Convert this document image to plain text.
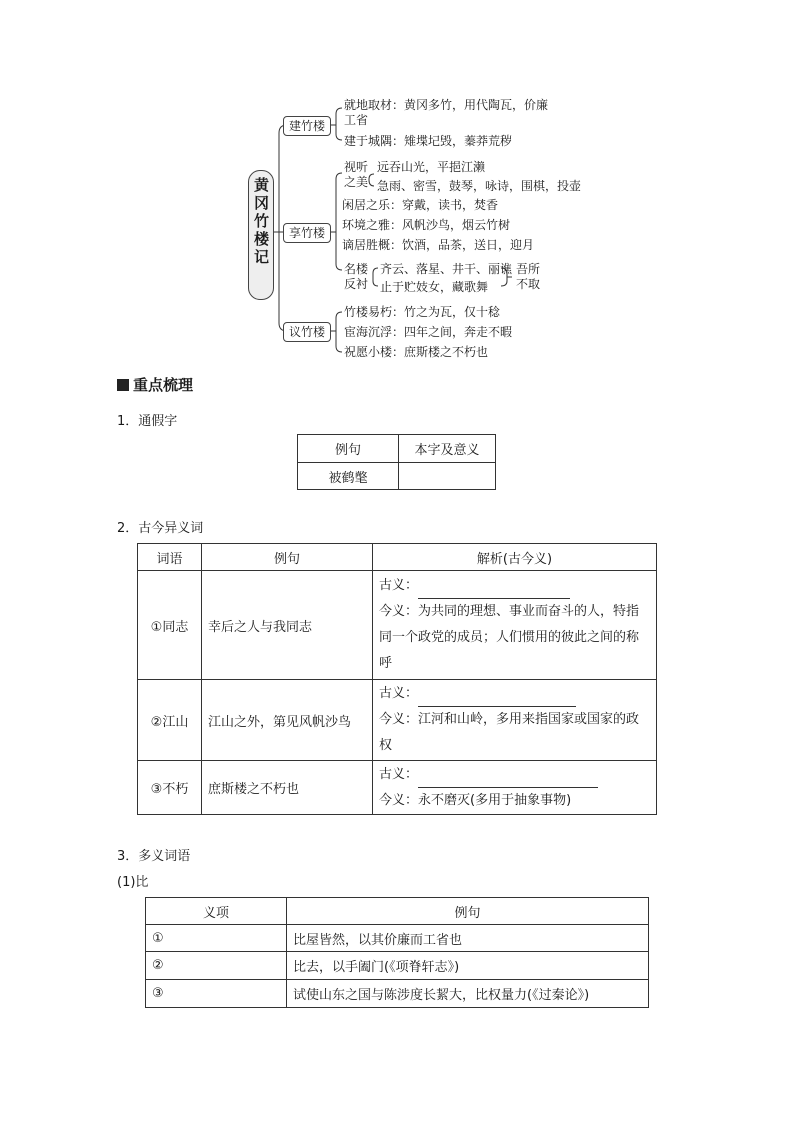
黄冈竹楼记
建竹楼
就地取材：黄冈多竹，用代陶瓦，价廉工省
建于城隅：雉堞圮毁，蓁莽荒秽
享竹楼
视听之美
远吞山光，平挹江濑
急雨、密雪，鼓琴，咏诗，围棋，投壶
闲居之乐：穿戴，读书，焚香
环境之雅：风帆沙鸟，烟云竹树
谪居胜概：饮酒，品茶，送日，迎月
名楼反衬
齐云、落星、井干、丽谯
止于贮妓女，藏歌舞
吾所不取
议竹楼
竹楼易朽：竹之为瓦，仅十稔
宦海沉浮：四年之间，奔走不暇
祝愿小楼：庶斯楼之不朽也
重点梳理
1．通假字
例句	本字及意义
被鹤氅	
2．古今异义词
词语	例句	解析(古今义)
①同志	幸后之人与我同志	古义：

今义：为共同的理想、事业而奋斗的人，特指同一个政党的成员；人们惯用的彼此之间的称呼

②江山	江山之外，第见风帆沙鸟	古义：

今义：江河和山岭，多用来指国家或国家的政权

③不朽	庶斯楼之不朽也	古义：

今义：永不磨灭(多用于抽象事物)

3．多义词语
(1)比
义项	例句
①	比屋皆然，以其价廉而工省也
②	比去，以手阖门(《项脊轩志》)
③	试使山东之国与陈涉度长絜大，比权量力(《过秦论》)
